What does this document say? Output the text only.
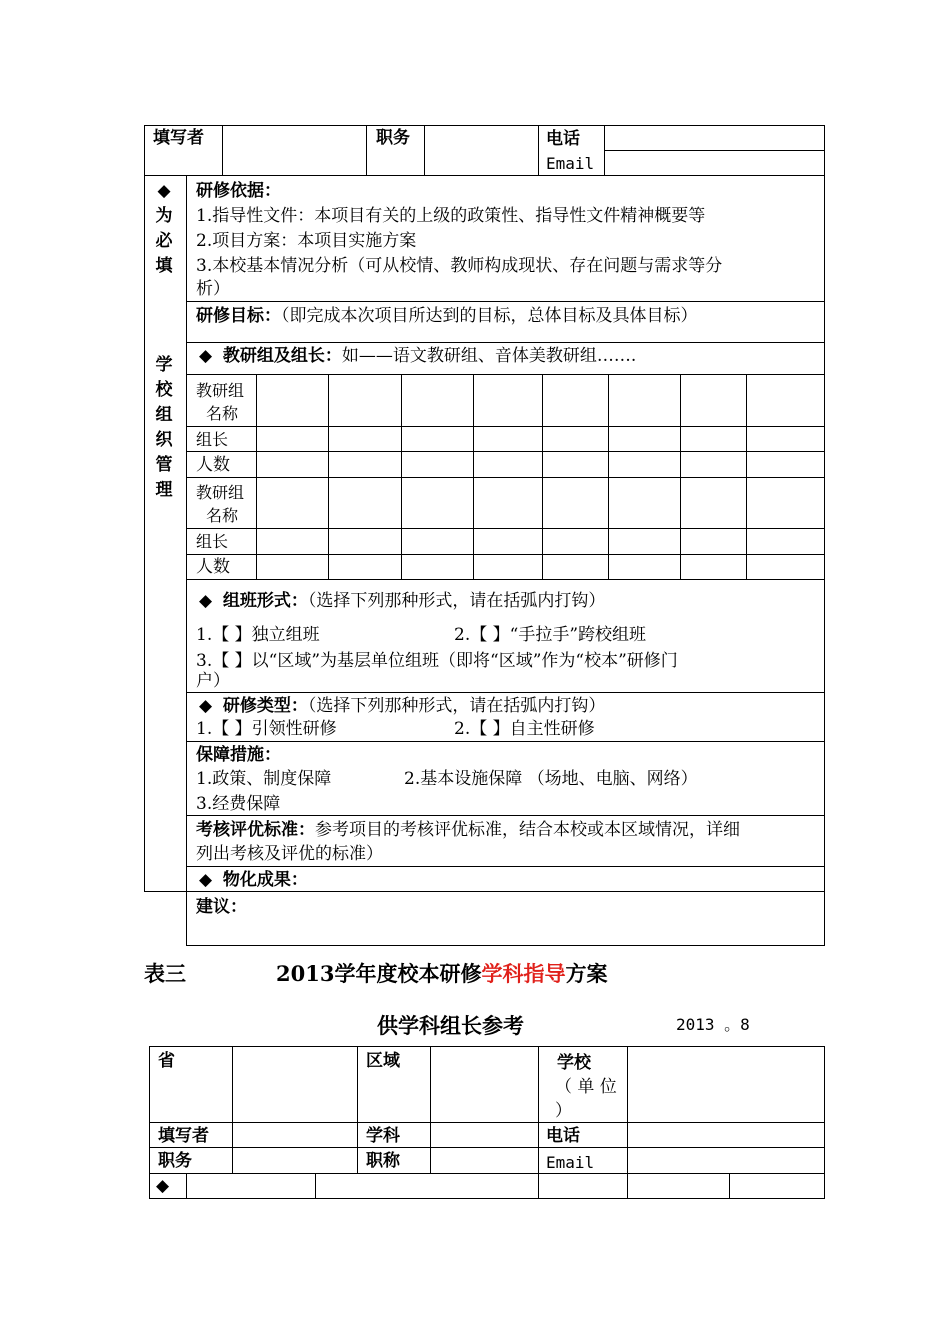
填写者	职务	电话
Email
◆
为
必
填
学
校
组
织
管
理
研修依据：
1.指导性文件：本项目有关的上级的政策性、指导性文件精神概要等
2.项目方案：本项目实施方案
3.本校基本情况分析（可从校情、教师构成现状、存在问题与需求等分
析）
研修目标：（即完成本次项目所达到的目标，总体目标及具体目标）
◆ 教研组及组长：如——语文教研组、音体美教研组…….
教研组
名称
组长
人数
教研组
名称
组长
人数
◆ 组班形式：（选择下列那种形式，请在括弧内打钩）
1.【 】独立组班	2.【 】“手拉手”跨校组班
3.【 】以“区域”为基层单位组班（即将“区域”作为“校本”研修门
户）
◆ 研修类型：（选择下列那种形式，请在括弧内打钩）
1.【 】引领性研修	2.【 】自主性研修
保障措施：
1.政策、制度保障	2.基本设施保障 （场地、电脑、网络）
3.经费保障
考核评优标准：参考项目的考核评优标准，结合本校或本区域情况，详细
列出考核及评优的标准）
◆ 物化成果：
建议：
表三	2013学年度校本研修学科指导方案
供学科组长参考	2013 。8
省	区域	学校
（ 单 位
）
填写者	学科	电话
职务	职称	Email
◆
